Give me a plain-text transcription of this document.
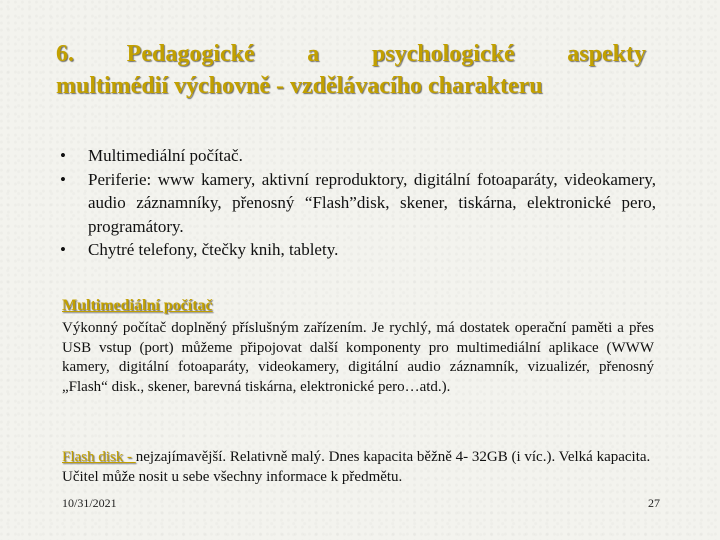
6. Pedagogické a psychologické aspekty
multimédií výchovně - vzdělávacího charakteru
• Multimediální počítač.
• Periferie: www kamery, aktivní reproduktory, digitální fotoaparáty, videokamery, audio záznamníky, přenosný “Flash”disk, skener, tiskárna, elektronické pero, programátory.
• Chytré telefony, čtečky knih, tablety.

Multimediální počítač

Výkonný počítač doplněný příslušným zařízením. Je rychlý, má dostatek operační paměti a přes USB vstup (port) můžeme připojovat další komponenty pro multimediální aplikace (WWW kamery, digitální fotoaparáty, videokamery, digitální audio záznamník, vizualizér, přenosný „Flash“ disk., skener, barevná tiskárna, elektronické pero…atd.).

Flash disk - nejzajímavější. Relativně malý. Dnes kapacita běžně 4- 32GB (i víc.). Velká kapacita. Učitel může nosit u sebe všechny informace k předmětu.

10/31/2021	27
